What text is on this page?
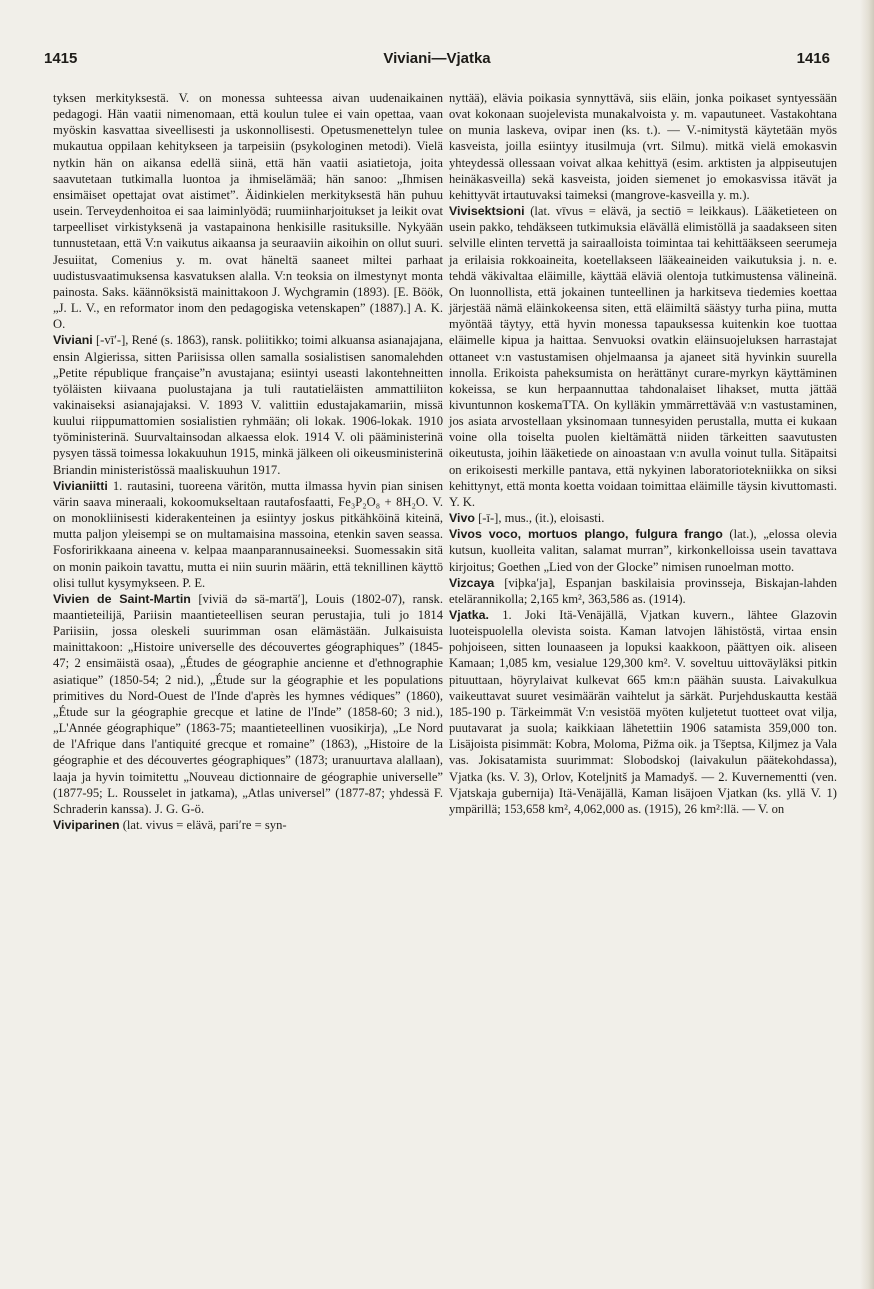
1415	Viviani—Vjatka	1416

tyksen merkityksestä. V. on monessa suhteessa aivan uudenaikainen pedagogi. Hän vaatii nimenomaan, että koulun tulee ei vain opettaa, vaan myöskin kasvattaa siveellisesti ja uskonnollisesti. Opetusmenettelyn tulee mukautua oppilaan kehitykseen ja tarpeisiin (psykologinen metodi). Vielä nytkin hän on aikansa edellä siinä, että hän vaatii asiatietoja, joita saavutetaan tutkimalla luontoa ja ihmiselämää; hän sanoo: „Ihmisen ensimäiset opettajat ovat aistimet”. Äidinkielen merkityksestä hän puhuu usein. Terveydenhoitoa ei saa laiminlyödä; ruumiinharjoitukset ja leikit ovat tarpeelliset virkistyksenä ja vastapainona henkisille rasituksille. Nykyään tunnustetaan, että V:n vaikutus aikaansa ja seuraaviin aikoihin on ollut suuri. Jesuiitat, Comenius y. m. ovat häneltä saaneet miltei parhaat uudistusvaatimuksensa kasvatuksen alalla. V:n teoksia on ilmestynyt monta painosta. Saks. käännöksistä mainittakoon J. Wychgramin (1893). [E. Böök, „J. L. V., en reformator inom den pedagogiska vetenskapen” (1887).] A. K. O.

Viviani [-vī′-], René (s. 1863), ransk. poliitikko; toimi alkuansa asianajajana, ensin Algierissa, sitten Pariisissa ollen samalla sosialistisen sanomalehden „Petite république française”n avustajana; esiintyi useasti lakontehneitten työläisten kiivaana puolustajana ja tuli rautatieläisten ammattiliiton vakinaiseksi asianajajaksi. V. 1893 V. valittiin edustajakamariin, missä kuului riippumattomien sosialistien ryhmään; oli lokak. 1906-lokak. 1910 työministerinä. Suurvaltainsodan alkaessa elok. 1914 V. oli pääministerinä pysyen tässä toimessa lokakuuhun 1915, minkä jälkeen oli oikeusministerinä Briandin ministeristössä maaliskuuhun 1917.

Vivianiitti 1. rautasini, tuoreena väritön, mutta ilmassa hyvin pian sinisen värin saava mineraali, kokoomukseltaan rautafosfaatti, Fe₃P₂O₈ + 8H₂O. V. on monokliinisesti kiderakenteinen ja esiintyy joskus pitkähköinä kiteinä, mutta paljon yleisempi se on multamaisina massoina, etenkin saven seassa. Fosforirikkaana aineena v. kelpaa maanparannusaineeksi. Suomessakin sitä on monin paikoin tavattu, mutta ei niin suurin määrin, että teknillinen käyttö olisi tullut kysymykseen. P. E.

Vivien de Saint-Martin [viviä də sä-martä′], Louis (1802-07), ransk. maantieteilijä, Pariisin maantieteellisen seuran perustajia, tuli jo 1814 Pariisiin, jossa oleskeli suurimman osan elämästään. Julkaisuista mainittakoon: „Histoire universelle des découvertes géographiques” (1845-47; 2 ensimäistä osaa), „Études de géographie ancienne et d'ethnographie asiatique” (1850-54; 2 nid.), „Étude sur la géographie et les populations primitives du Nord-Ouest de l'Inde d'après les hymnes védiques” (1860), „Étude sur la géographie grecque et latine de l'Inde” (1858-60; 3 nid.), „L'Année géographique” (1863-75; maantieteellinen vuosikirja), „Le Nord de l'Afrique dans l'antiquité grecque et romaine” (1863), „Histoire de la géographie et des découvertes géographiques” (1873; uranuurtava alallaan), laaja ja hyvin toimitettu „Nouveau dictionnaire de géographie universelle” (1877-95; L. Rousselet in jatkama), „Atlas universel” (1877-87; yhdessä F. Schraderin kanssa). J. G. G-ö.

Viviparinen (lat. vivus = elävä, pari′re = syn-

nyttää), elävia poikasia synnyttävä, siis eläin, jonka poikaset syntyessään ovat kokonaan suojelevista munakalvoista y. m. vapautuneet. Vastakohtana on munia laskeva, ovipar inen (ks. t.). — V.-nimitystä käytetään myös kasveista, joilla esiintyy itusilmuja (vrt. Silmu). mitkä vielä emokasvin yhteydessä ollessaan voivat alkaa kehittyä (esim. arktisten ja alppiseutujen heinäkasveilla) sekä kasveista, joiden siemenet jo emokasvissa itävät ja kehittyvät irtautuvaksi taimeksi (mangrove-kasveilla y. m.).

Vivisektsioni (lat. vīvus = elävä, ja sectiō = leikkaus). Lääketieteen on usein pakko, tehdäkseen tutkimuksia elävällä elimistöllä ja saadakseen siten selville elinten tervettä ja sairaalloista toimintaa tai kehittääkseen seerumeja ja erilaisia rokkoaineita, koetellakseen lääkeaineiden vaikutuksia j. n. e. tehdä väkivaltaa eläimille, käyttää eläviä olentoja tutkimustensa välineinä. On luonnollista, että jokainen tunteellinen ja harkitseva tiedemies koettaa järjestää nämä eläinkokeensa siten, että eläimiltä säästyy turha piina, mutta myöntää täytyy, että hyvin monessa tapauksessa kuitenkin koe tuottaa eläimelle kipua ja haittaa. Senvuoksi ovatkin eläinsuojeluksen harrastajat ottaneet v:n vastustamisen ohjelmaansa ja ajaneet sitä hyvinkin suurella innolla. Erikoista paheksumista on herättänyt curare-myrkyn käyttäminen kokeissa, se kun herpaannuttaa tahdonalaiset lihakset, mutta jättää kivuntunnon koskemaTTA. On kylläkin ymmärrettävää v:n vastustaminen, jos asiata arvostellaan yksinomaan tunnesyiden perustalla, mutta ei kukaan voine olla toiselta puolen kieltämättä niiden tärkeitten saavutusten oikeutusta, joihin lääketiede on ainoastaan v:n avulla voinut tulla. Sitäpaitsi on erikoisesti merkille pantava, että nykyinen laboratoriotekniikka on siksi kehittynyt, että monta koetta voidaan toimittaa eläimille täysin kivuttomasti. Y. K.

Vivo [-ī-], mus., (it.), eloisasti.

Vivos voco, mortuos plango, fulgura frango (lat.), „elossa olevia kutsun, kuolleita valitan, salamat murran”, kirkonkelloissa usein tavattava kirjoitus; Goethen „Lied von der Glocke” nimisen runoelman motto.

Vizcaya [viþka′ja], Espanjan baskilaisia provinsseja, Biskajan-lahden etelärannikolla; 2,165 km², 363,586 as. (1914).

Vjatka. 1. Joki Itä-Venäjällä, Vjatkan kuvern., lähtee Glazovin luoteispuolella olevista soista. Kaman latvojen lähistöstä, virtaa ensin pohjoiseen, sitten lounaaseen ja lopuksi kaakkoon, päättyen oik. aliseen Kamaan; 1,085 km, vesialue 129,300 km². V. soveltuu uittoväyläksi pitkin pituuttaan, höyrylaivat kulkevat 665 km:n päähän suusta. Laivakulkua vaikeuttavat suuret vesimäärän vaihtelut ja särkät. Purjehduskautta kestää 185-190 p. Tärkeimmät V:n vesistöä myöten kuljetetut tuotteet ovat vilja, puutavarat ja suola; kaikkiaan lähetettiin 1906 satamista 359,000 ton. Lisäjoista pisimmät: Kobra, Moloma, Pižma oik. ja Tšeptsa, Kiljmez ja Vala vas. Jokisatamista suurimmat: Slobodskoj (laivakulun päätekohdassa), Vjatka (ks. V. 3), Orlov, Koteljnitš ja Mamadyš. — 2. Kuvernementti (ven. Vjatskaja gubernija) Itä-Venäjällä, Kaman lisäjoen Vjatkan (ks. yllä V. 1) ympärillä; 153,658 km², 4,062,000 as. (1915), 26 km²:llä. — V. on
